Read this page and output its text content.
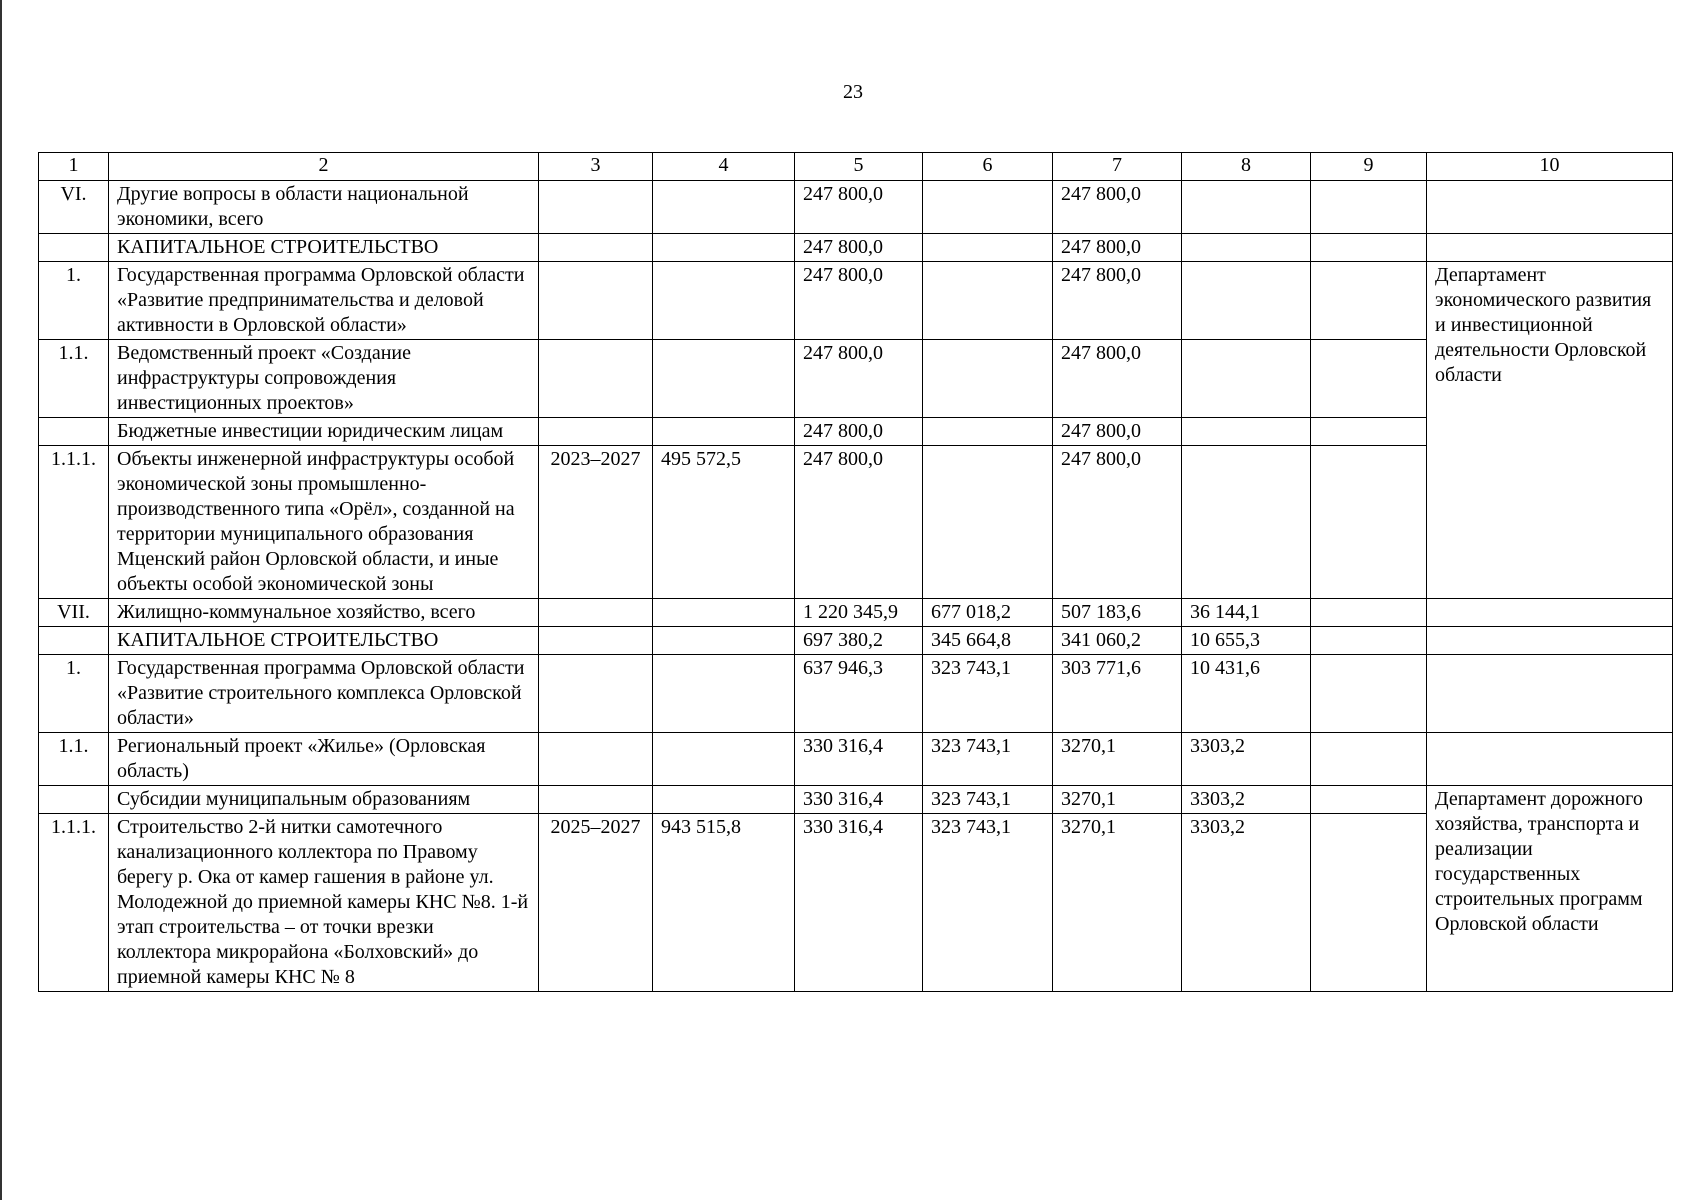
23
1	2	3	4	5	6	7	8	9	10
VI.	Другие вопросы в области национальной экономики, всего			247 800,0		247 800,0			
	КАПИТАЛЬНОЕ СТРОИТЕЛЬСТВО			247 800,0		247 800,0			
1.	Государственная программа Орловской области «Развитие предпринимательства и деловой активности в Орловской области»			247 800,0		247 800,0			Департамент экономического развития и инвестиционной деятельности Орловской области
1.1.	Ведомственный проект «Создание инфраструктуры сопровождения инвестиционных проектов»			247 800,0		247 800,0			
	Бюджетные инвестиции юридическим лицам			247 800,0		247 800,0			
1.1.1.	Объекты инженерной инфраструктуры особой экономической зоны промышленно-производственного типа «Орёл», созданной на территории муниципального образования Мценский район Орловской области, и иные объекты особой экономической зоны	2023–2027	495 572,5	247 800,0		247 800,0			
VII.	Жилищно-коммунальное хозяйство, всего			1 220 345,9	677 018,2	507 183,6	36 144,1		
	КАПИТАЛЬНОЕ СТРОИТЕЛЬСТВО			697 380,2	345 664,8	341 060,2	10 655,3		
1.	Государственная программа Орловской области «Развитие строительного комплекса Орловской области»			637 946,3	323 743,1	303 771,6	10 431,6		
1.1.	Региональный проект «Жилье» (Орловская область)			330 316,4	323 743,1	3270,1	3303,2		
	Субсидии муниципальным образованиям			330 316,4	323 743,1	3270,1	3303,2		Департамент дорожного хозяйства, транспорта и реализации государственных строительных программ Орловской области
1.1.1.	Строительство 2-й нитки самотечного канализационного коллектора по Правому берегу р. Ока от камер гашения в районе ул. Молодежной до приемной камеры КНС №8. 1-й этап строительства – от точки врезки коллектора микрорайона «Болховский» до приемной камеры КНС № 8	2025–2027	943 515,8	330 316,4	323 743,1	3270,1	3303,2		
